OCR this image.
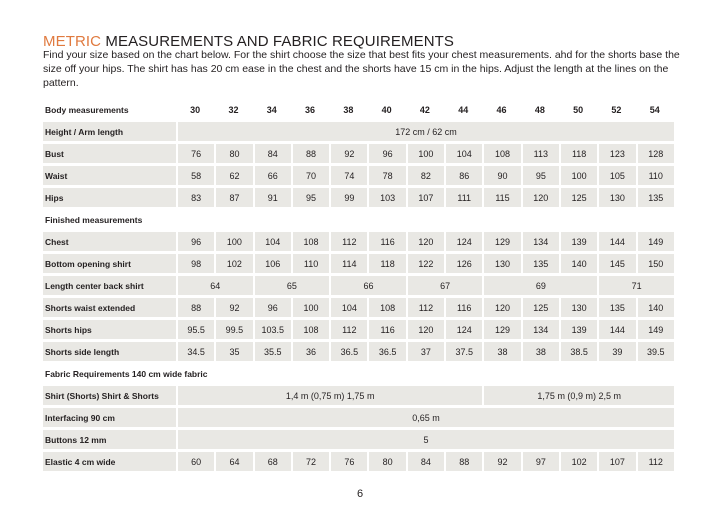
METRIC MEASUREMENTS AND FABRIC REQUIREMENTS
Find your size based on the chart below. For the shirt choose the size that best fits your chest measurements. ahd for the shorts base the size off your hips. The shirt has has 20 cm ease in the chest and the shorts have 15 cm in the hips. Adjust the length at the lines on the pattern.
Body measurements	30	32	34	36	38	40	42	44	46	48	50	52	54
Height / Arm length	172 cm / 62 cm												
Bust	76	80	84	88	92	96	100	104	108	113	118	123	128
Waist	58	62	66	70	74	78	82	86	90	95	100	105	110
Hips	83	87	91	95	99	103	107	111	115	120	125	130	135
Finished measurements													
Chest	96	100	104	108	112	116	120	124	129	134	139	144	149
Bottom opening shirt	98	102	106	110	114	118	122	126	130	135	140	145	150
Length center back shirt	64		65		66		67		69			71	
Shorts waist extended	88	92	96	100	104	108	112	116	120	125	130	135	140
Shorts hips	95.5	99.5	103.5	108	112	116	120	124	129	134	139	144	149
Shorts side length	34.5	35	35.5	36	36.5	36.5	37	37.5	38	38	38.5	39	39.5
Fabric Requirements 140 cm wide fabric													
Shirt (Shorts) Shirt & Shorts	1,4 m (0,75 m) 1,75 m								1,75 m (0,9 m) 2,5 m				
Interfacing 90 cm	0,65 m												
Buttons 12 mm	5												
Elastic 4 cm wide	60	64	68	72	76	80	84	88	92	97	102	107	112
6
